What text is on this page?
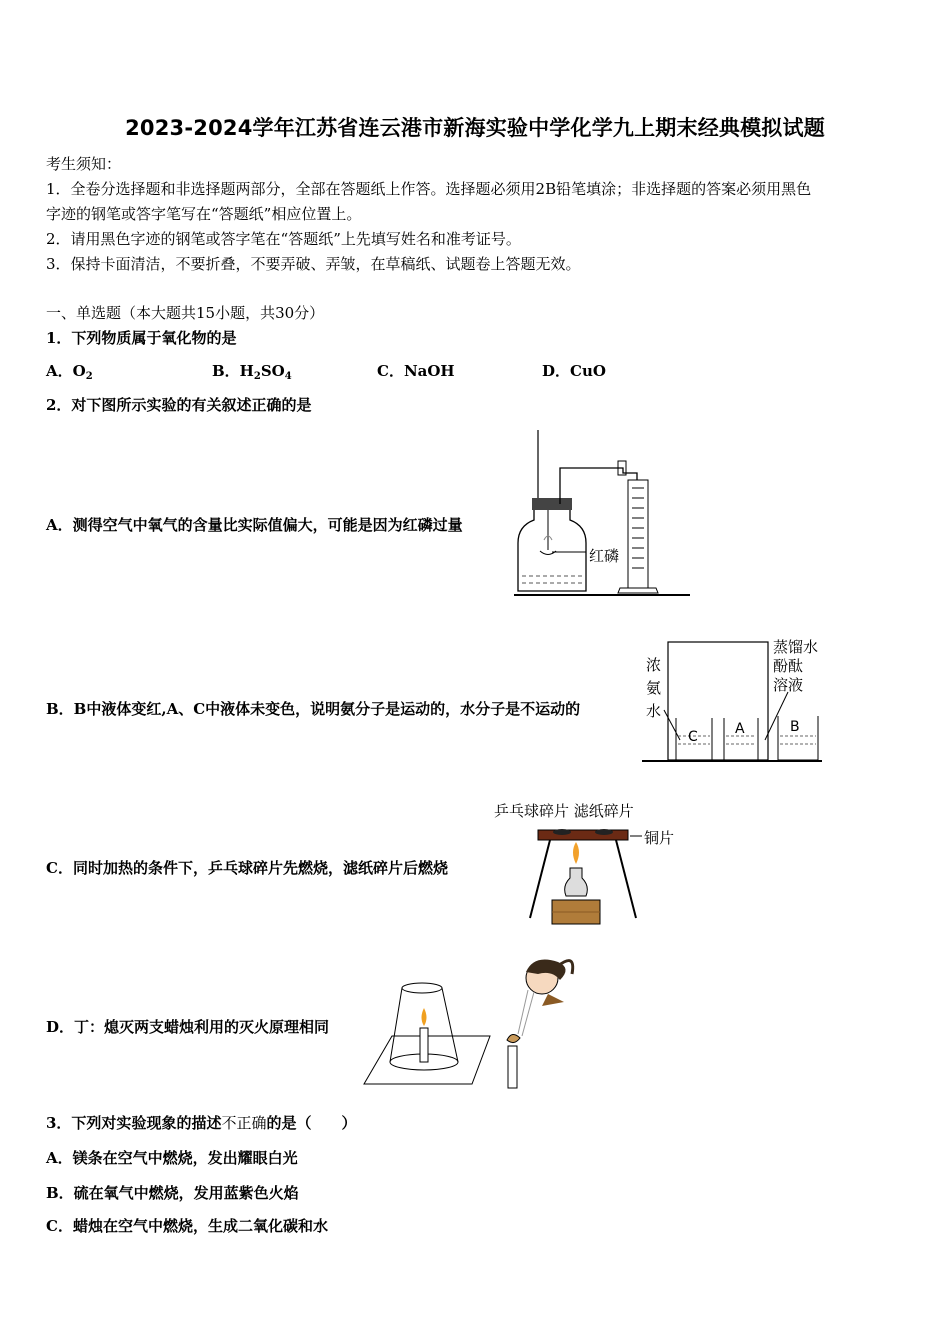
2023-2024学年江苏省连云港市新海实验中学化学九上期末经典模拟试题
考生须知：
1．全卷分选择题和非选择题两部分，全部在答题纸上作答。选择题必须用2B铅笔填涂；非选择题的答案必须用黑色
字迹的钢笔或答字笔写在“答题纸”相应位置上。
2．请用黑色字迹的钢笔或答字笔在“答题纸”上先填写姓名和准考证号。
3．保持卡面清洁，不要折叠，不要弄破、弄皱，在草稿纸、试题卷上答题无效。
一、单选题（本大题共15小题，共30分）
1．下列物质属于氧化物的是
A．$O_2$	B．$H_2SO_4$	C．NaOH	D．CuO
2．对下图所示实验的有关叙述正确的是
红磷
A．测得空气中氧气的含量比实际值偏大，可能是因为红磷过量
浓
氨
水
蒸馏水
酚酞
溶液
C	A	B
B．B中液体变红,A、C中液体未变色，说明氨分子是运动的，水分子是不运动的
乒乓球碎片 滤纸碎片
铜片
C．同时加热的条件下，乒乓球碎片先燃烧，滤纸碎片后燃烧
D．丁：熄灭两支蜡烛利用的灭火原理相同
3．下列对实验现象的描述不正确的是（　　）
A．镁条在空气中燃烧，发出耀眼白光
B．硫在氧气中燃烧，发用蓝紫色火焰
C．蜡烛在空气中燃烧，生成二氧化碳和水
